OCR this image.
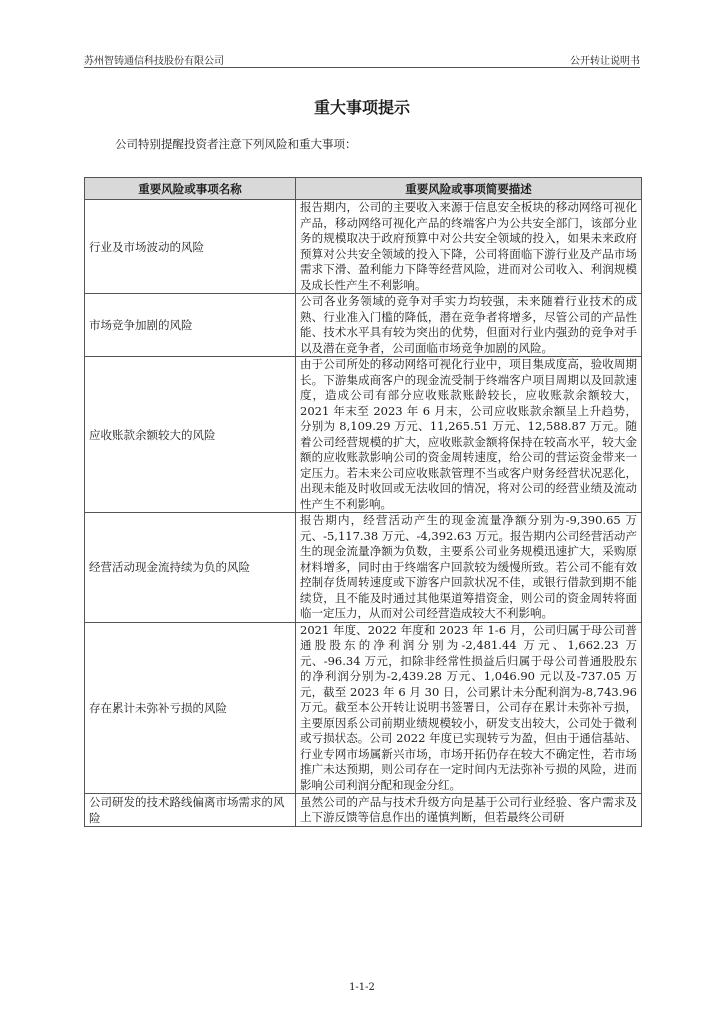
苏州智铸通信科技股份有限公司	公开转让说明书
重大事项提示
公司特别提醒投资者注意下列风险和重大事项：
重要风险或事项名称	重要风险或事项简要描述
行业及市场波动的风险	报告期内，公司的主要收入来源于信息安全板块的移动网络可视化产品，移动网络可视化产品的终端客户为公共安全部门，该部分业务的规模取决于政府预算中对公共安全领域的投入，如果未来政府预算对公共安全领域的投入下降，公司将面临下游行业及产品市场需求下滑、盈利能力下降等经营风险，进而对公司收入、利润规模及成长性产生不利影响。
市场竞争加剧的风险	公司各业务领域的竞争对手实力均较强，未来随着行业技术的成熟、行业准入门槛的降低，潜在竞争者将增多，尽管公司的产品性能、技术水平具有较为突出的优势，但面对行业内强劲的竞争对手以及潜在竞争者，公司面临市场竞争加剧的风险。
应收账款余额较大的风险	由于公司所处的移动网络可视化行业中，项目集成度高，验收周期长。下游集成商客户的现金流受制于终端客户项目周期以及回款速度，造成公司有部分应收账款账龄较长，应收账款余额较大，2021 年末至 2023 年 6 月末，公司应收账款余额呈上升趋势，分别为 8,109.29 万元、11,265.51 万元、12,588.87 万元。随着公司经营规模的扩大，应收账款金额将保持在较高水平，较大金额的应收账款影响公司的资金周转速度，给公司的营运资金带来一定压力。若未来公司应收账款管理不当或客户财务经营状况恶化，出现未能及时收回或无法收回的情况，将对公司的经营业绩及流动性产生不利影响。
经营活动现金流持续为负的风险	报告期内，经营活动产生的现金流量净额分别为-9,390.65 万元、-5,117.38 万元、-4,392.63 万元。报告期内公司经营活动产生的现金流量净额为负数，主要系公司业务规模迅速扩大，采购原材料增多，同时由于终端客户回款较为缓慢所致。若公司不能有效控制存货周转速度或下游客户回款状况不佳，或银行借款到期不能续贷，且不能及时通过其他渠道筹措资金，则公司的资金周转将面临一定压力，从而对公司经营造成较大不利影响。
存在累计未弥补亏损的风险	2021 年度、2022 年度和 2023 年 1-6 月，公司归属于母公司普通股股东的净利润分别为-2,481.44 万元、1,662.23 万元、-96.34 万元，扣除非经常性损益后归属于母公司普通股股东的净利润分别为-2,439.28 万元、1,046.90 元以及-737.05 万元，截至 2023 年 6 月 30 日，公司累计未分配利润为-8,743.96 万元。截至本公开转让说明书签署日，公司存在累计未弥补亏损，主要原因系公司前期业绩规模较小，研发支出较大，公司处于微利或亏损状态。公司 2022 年度已实现转亏为盈，但由于通信基站、行业专网市场属新兴市场，市场开拓仍存在较大不确定性，若市场推广未达预期，则公司存在一定时间内无法弥补亏损的风险，进而影响公司利润分配和现金分红。
公司研发的技术路线偏离市场需求的风险	虽然公司的产品与技术升级方向是基于公司行业经验、客户需求及上下游反馈等信息作出的谨慎判断，但若最终公司研
1-1-2
